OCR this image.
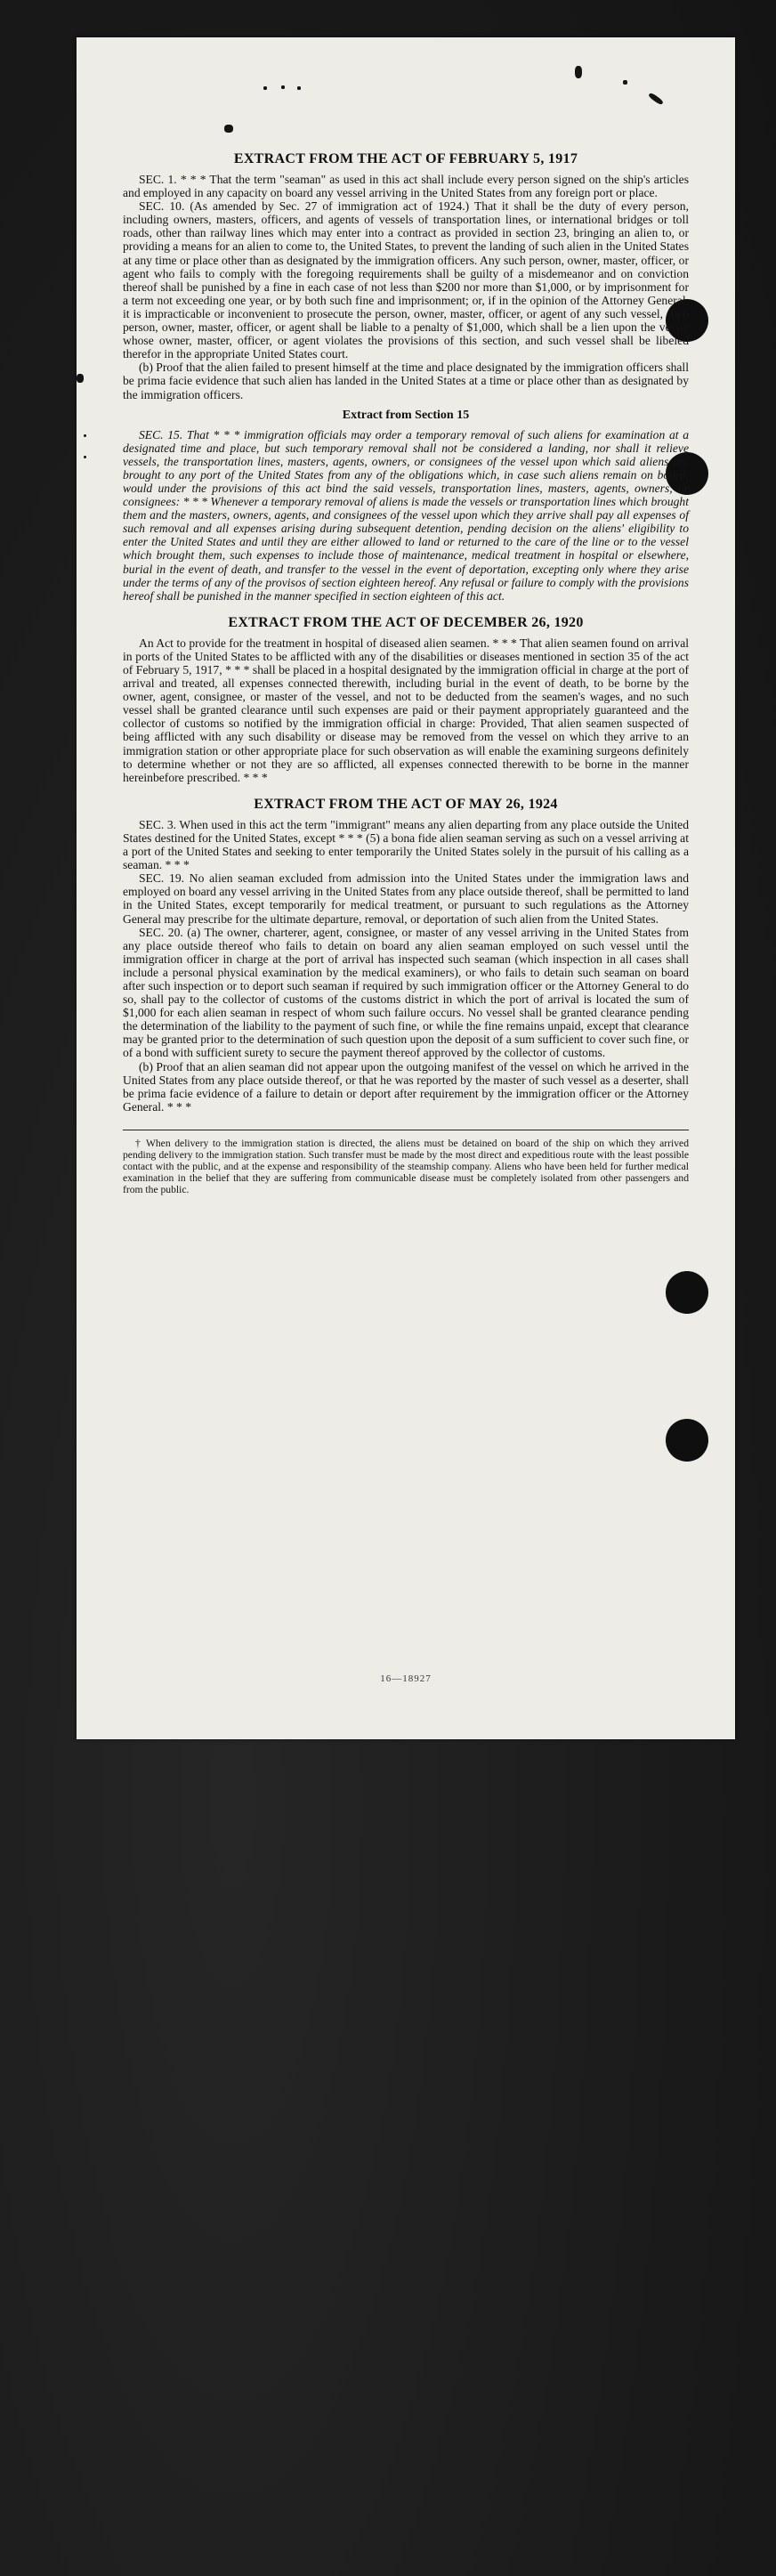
EXTRACT FROM THE ACT OF FEBRUARY 5, 1917

SEC. 1. * * * That the term "seaman" as used in this act shall include every person signed on the ship's articles and employed in any capacity on board any vessel arriving in the United States from any foreign port or place.

SEC. 10. (As amended by Sec. 27 of immigration act of 1924.) That it shall be the duty of every person, including owners, masters, officers, and agents of vessels of transportation lines, or international bridges or toll roads, other than railway lines which may enter into a contract as provided in section 23, bringing an alien to, or providing a means for an alien to come to, the United States, to prevent the landing of such alien in the United States at any time or place other than as designated by the immigration officers. Any such person, owner, master, officer, or agent who fails to comply with the foregoing requirements shall be guilty of a misdemeanor and on conviction thereof shall be punished by a fine in each case of not less than $200 nor more than $1,000, or by imprisonment for a term not exceeding one year, or by both such fine and imprisonment; or, if in the opinion of the Attorney General, it is impracticable or inconvenient to prosecute the person, owner, master, officer, or agent of any such vessel, such person, owner, master, officer, or agent shall be liable to a penalty of $1,000, which shall be a lien upon the vessel whose owner, master, officer, or agent violates the provisions of this section, and such vessel shall be libeled therefor in the appropriate United States court.

(b) Proof that the alien failed to present himself at the time and place designated by the immigration officers shall be prima facie evidence that such alien has landed in the United States at a time or place other than as designated by the immigration officers.

Extract from Section 15

SEC. 15. That * * * immigration officials may order a temporary removal of such aliens for examination at a designated time and place, but such temporary removal shall not be considered a landing, nor shall it relieve vessels, the transportation lines, masters, agents, owners, or consignees of the vessel upon which said aliens are brought to any port of the United States from any of the obligations which, in case such aliens remain on board, would under the provisions of this act bind the said vessels, transportation lines, masters, agents, owners, or consignees: * * * Whenever a temporary removal of aliens is made the vessels or transportation lines which brought them and the masters, owners, agents, and consignees of the vessel upon which they arrive shall pay all expenses of such removal and all expenses arising during subsequent detention, pending decision on the aliens' eligibility to enter the United States and until they are either allowed to land or returned to the care of the line or to the vessel which brought them, such expenses to include those of maintenance, medical treatment in hospital or elsewhere, burial in the event of death, and transfer to the vessel in the event of deportation, excepting only where they arise under the terms of any of the provisos of section eighteen hereof. Any refusal or failure to comply with the provisions hereof shall be punished in the manner specified in section eighteen of this act.

EXTRACT FROM THE ACT OF DECEMBER 26, 1920

An Act to provide for the treatment in hospital of diseased alien seamen. * * * That alien seamen found on arrival in ports of the United States to be afflicted with any of the disabilities or diseases mentioned in section 35 of the act of February 5, 1917, * * * shall be placed in a hospital designated by the immigration official in charge at the port of arrival and treated, all expenses connected therewith, including burial in the event of death, to be borne by the owner, agent, consignee, or master of the vessel, and not to be deducted from the seamen's wages, and no such vessel shall be granted clearance until such expenses are paid or their payment appropriately guaranteed and the collector of customs so notified by the immigration official in charge: Provided, That alien seamen suspected of being afflicted with any such disability or disease may be removed from the vessel on which they arrive to an immigration station or other appropriate place for such observation as will enable the examining surgeons definitely to determine whether or not they are so afflicted, all expenses connected therewith to be borne in the manner hereinbefore prescribed. * * *

EXTRACT FROM THE ACT OF MAY 26, 1924

SEC. 3. When used in this act the term "immigrant" means any alien departing from any place outside the United States destined for the United States, except * * * (5) a bona fide alien seaman serving as such on a vessel arriving at a port of the United States and seeking to enter temporarily the United States solely in the pursuit of his calling as a seaman. * * *

SEC. 19. No alien seaman excluded from admission into the United States under the immigration laws and employed on board any vessel arriving in the United States from any place outside thereof, shall be permitted to land in the United States, except temporarily for medical treatment, or pursuant to such regulations as the Attorney General may prescribe for the ultimate departure, removal, or deportation of such alien from the United States.

SEC. 20. (a) The owner, charterer, agent, consignee, or master of any vessel arriving in the United States from any place outside thereof who fails to detain on board any alien seaman employed on such vessel until the immigration officer in charge at the port of arrival has inspected such seaman (which inspection in all cases shall include a personal physical examination by the medical examiners), or who fails to detain such seaman on board after such inspection or to deport such seaman if required by such immigration officer or the Attorney General to do so, shall pay to the collector of customs of the customs district in which the port of arrival is located the sum of $1,000 for each alien seaman in respect of whom such failure occurs. No vessel shall be granted clearance pending the determination of the liability to the payment of such fine, or while the fine remains unpaid, except that clearance may be granted prior to the determination of such question upon the deposit of a sum sufficient to cover such fine, or of a bond with sufficient surety to secure the payment thereof approved by the collector of customs.

(b) Proof that an alien seaman did not appear upon the outgoing manifest of the vessel on which he arrived in the United States from any place outside thereof, or that he was reported by the master of such vessel as a deserter, shall be prima facie evidence of a failure to detain or deport after requirement by the immigration officer or the Attorney General. * * *

† When delivery to the immigration station is directed, the aliens must be detained on board of the ship on which they arrived pending delivery to the immigration station. Such transfer must be made by the most direct and expeditious route with the least possible contact with the public, and at the expense and responsibility of the steamship company. Aliens who have been held for further medical examination in the belief that they are suffering from communicable disease must be completely isolated from other passengers and from the public.

16—18927
